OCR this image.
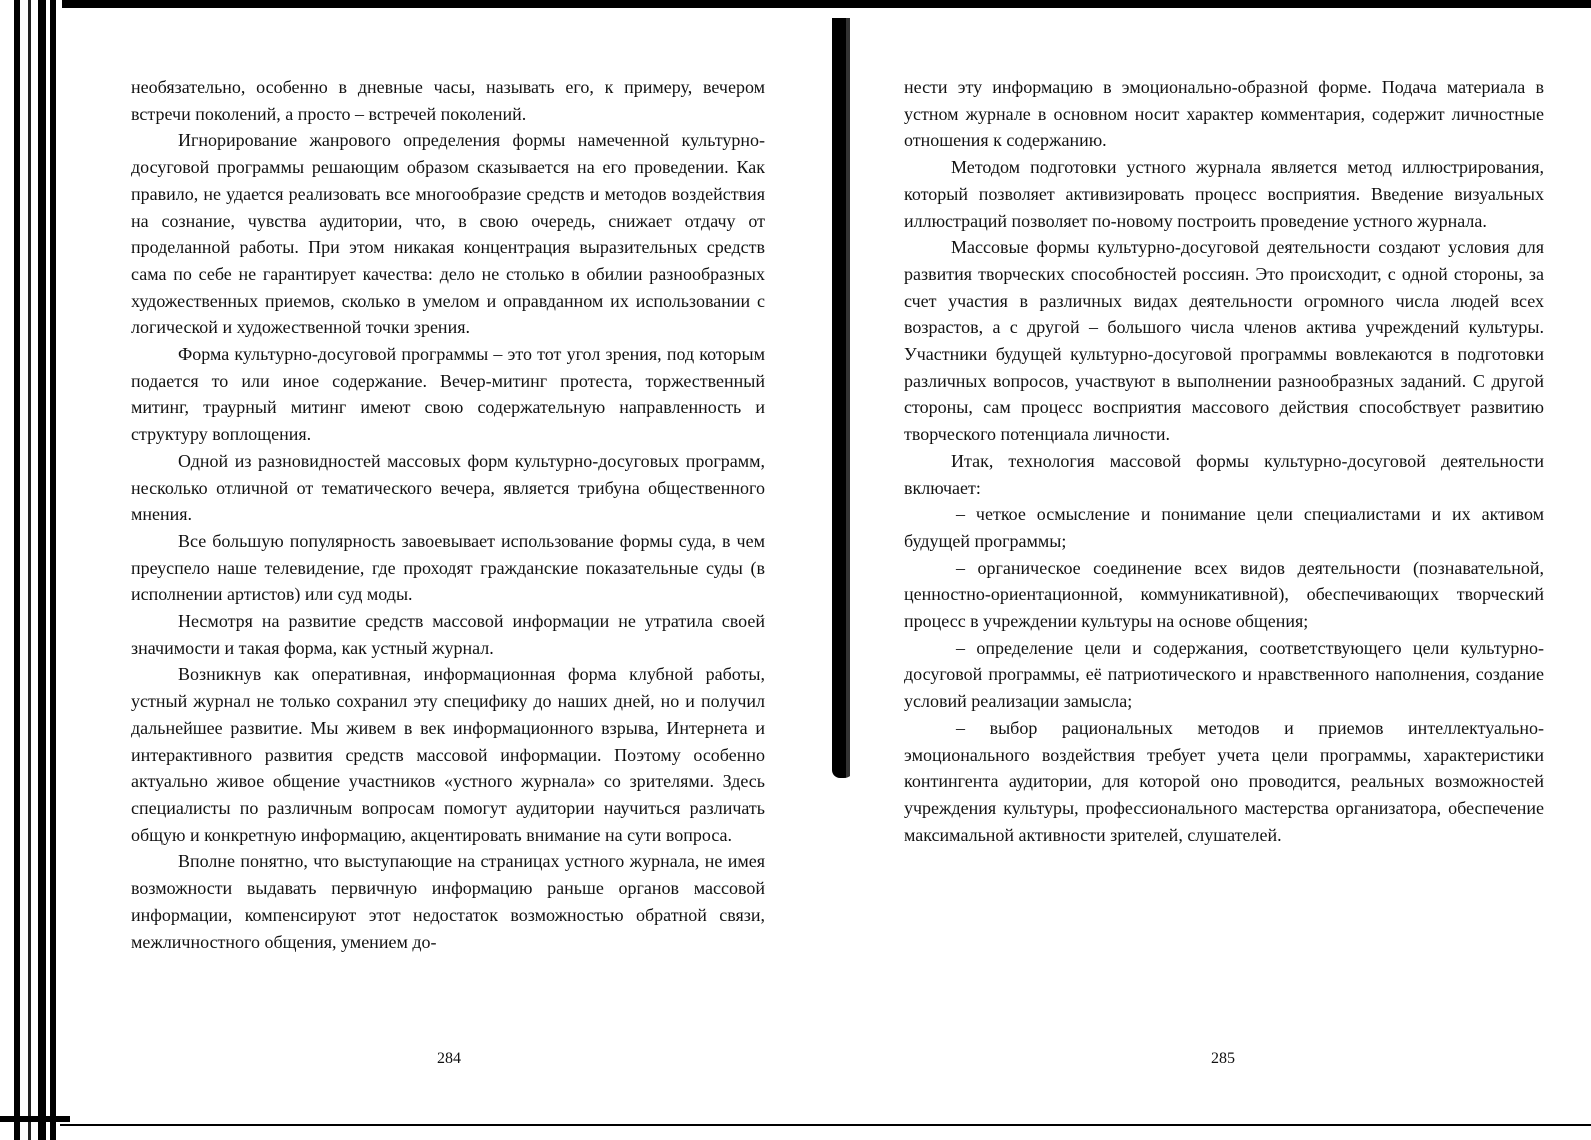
необязательно, особенно в дневные часы, называть его, к примеру, вечером встречи поколений, а просто – встречей поколений.

Игнорирование жанрового определения формы намеченной культурно-досуговой программы решающим образом сказывается на его проведении. Как правило, не удается реализовать все многообразие средств и методов воздействия на сознание, чувства аудитории, что, в свою очередь, снижает отдачу от проделанной работы. При этом никакая концентрация выразительных средств сама по себе не гарантирует качества: дело не столько в обилии разнообразных художественных приемов, сколько в умелом и оправданном их использовании с логической и художественной точки зрения.

Форма культурно-досуговой программы – это тот угол зрения, под которым подается то или иное содержание. Вечер-митинг протеста, торжественный митинг, траурный митинг имеют свою содержательную направленность и структуру воплощения.

Одной из разновидностей массовых форм культурно-досуговых программ, несколько отличной от тематического вечера, является трибуна общественного мнения.

Все большую популярность завоевывает использование формы суда, в чем преуспело наше телевидение, где проходят гражданские показательные суды (в исполнении артистов) или суд моды.

Несмотря на развитие средств массовой информации не утратила своей значимости и такая форма, как устный журнал.

Возникнув как оперативная, информационная форма клубной работы, устный журнал не только сохранил эту специфику до наших дней, но и получил дальнейшее развитие. Мы живем в век информационного взрыва, Интернета и интерактивного развития средств массовой информации. Поэтому особенно актуально живое общение участников «устного журнала» со зрителями. Здесь специалисты по различным вопросам помогут аудитории научиться различать общую и конкретную информацию, акцентировать внимание на сути вопроса.

Вполне понятно, что выступающие на страницах устного журнала, не имея возможности выдавать первичную информацию раньше органов массовой информации, компенсируют этот недостаток возможностью обратной связи, межличностного общения, умением до-

284

нести эту информацию в эмоционально-образной форме. Подача материала в устном журнале в основном носит характер комментария, содержит личностные отношения к содержанию.

Методом подготовки устного журнала является метод иллюстрирования, который позволяет активизировать процесс восприятия. Введение визуальных иллюстраций позволяет по-новому построить проведение устного журнала.

Массовые формы культурно-досуговой деятельности создают условия для развития творческих способностей россиян. Это происходит, с одной стороны, за счет участия в различных видах деятельности огромного числа людей всех возрастов, а с другой – большого числа членов актива учреждений культуры. Участники будущей культурно-досуговой программы вовлекаются в подготовки различных вопросов, участвуют в выполнении разнообразных заданий. С другой стороны, сам процесс восприятия массового действия способствует развитию творческого потенциала личности.

Итак, технология массовой формы культурно-досуговой деятельности включает:

– четкое осмысление и понимание цели специалистами и их активом будущей программы;

– органическое соединение всех видов деятельности (познавательной, ценностно-ориентационной, коммуникативной), обеспечивающих творческий процесс в учреждении культуры на основе общения;

– определение цели и содержания, соответствующего цели культурно-досуговой программы, её патриотического и нравственного наполнения, создание условий реализации замысла;

– выбор рациональных методов и приемов интеллектуально-эмоционального воздействия требует учета цели программы, характеристики контингента аудитории, для которой оно проводится, реальных возможностей учреждения культуры, профессионального мастерства организатора, обеспечение максимальной активности зрителей, слушателей.

285
